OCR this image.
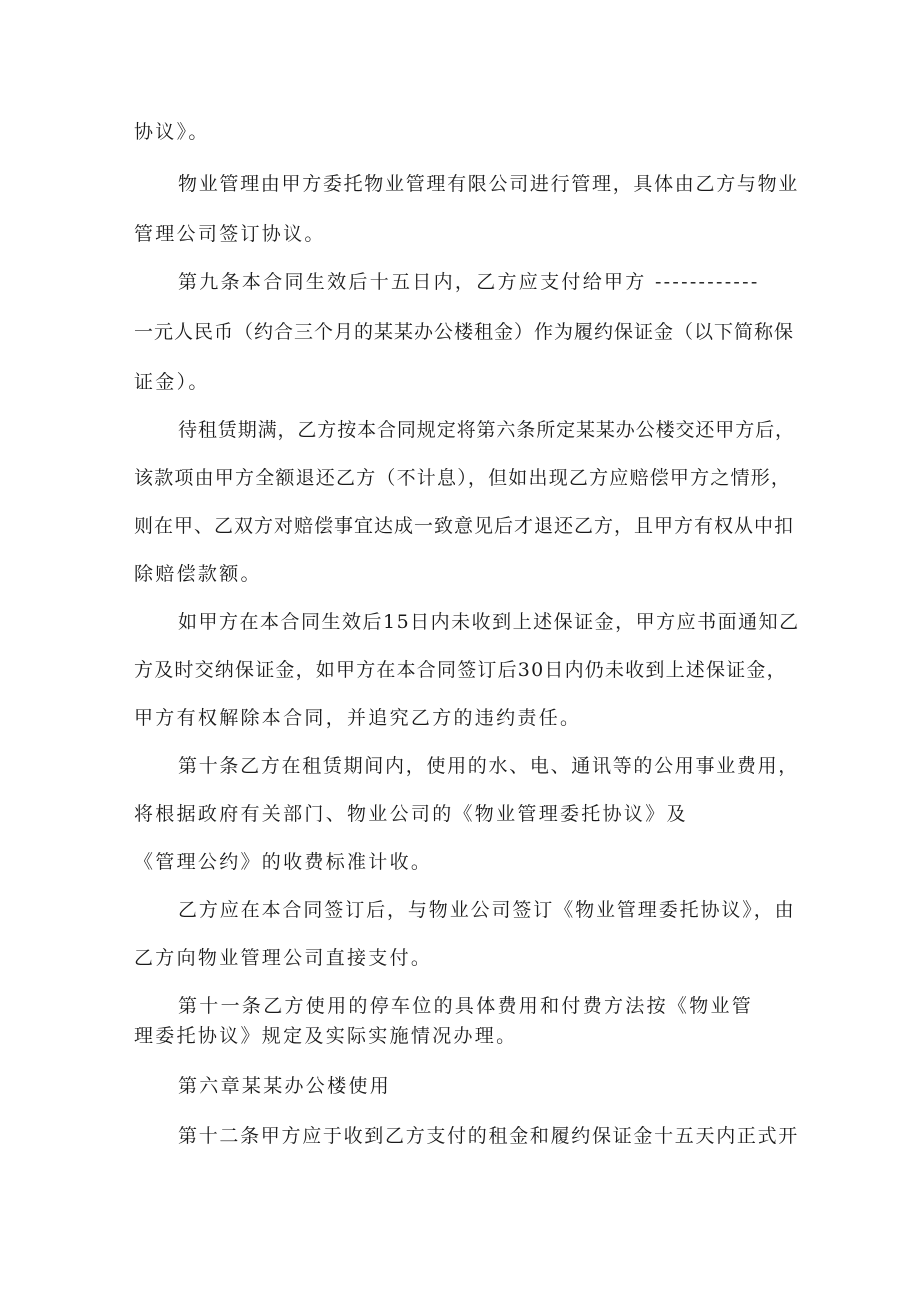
协议》。
物业管理由甲方委托物业管理有限公司进行管理，具体由乙方与物业
管理公司签订协议。
第九条本合同生效后十五日内，乙方应支付给甲方 ------------
一元人民币（约合三个月的某某办公楼租金）作为履约保证金（以下简称保
证金）。
待租赁期满，乙方按本合同规定将第六条所定某某办公楼交还甲方后，
该款项由甲方全额退还乙方（不计息），但如出现乙方应赔偿甲方之情形，
则在甲、乙双方对赔偿事宜达成一致意见后才退还乙方，且甲方有权从中扣
除赔偿款额。
如甲方在本合同生效后15日内未收到上述保证金，甲方应书面通知乙
方及时交纳保证金，如甲方在本合同签订后30日内仍未收到上述保证金，
甲方有权解除本合同，并追究乙方的违约责任。
第十条乙方在租赁期间内，使用的水、电、通讯等的公用事业费用，
将根据政府有关部门、物业公司的《物业管理委托协议》及
《管理公约》的收费标准计收。
乙方应在本合同签订后，与物业公司签订《物业管理委托协议》，由
乙方向物业管理公司直接支付。
第十一条乙方使用的停车位的具体费用和付费方法按《物业管
理委托协议》规定及实际实施情况办理。
第六章某某办公楼使用
第十二条甲方应于收到乙方支付的租金和履约保证金十五天内正式开
